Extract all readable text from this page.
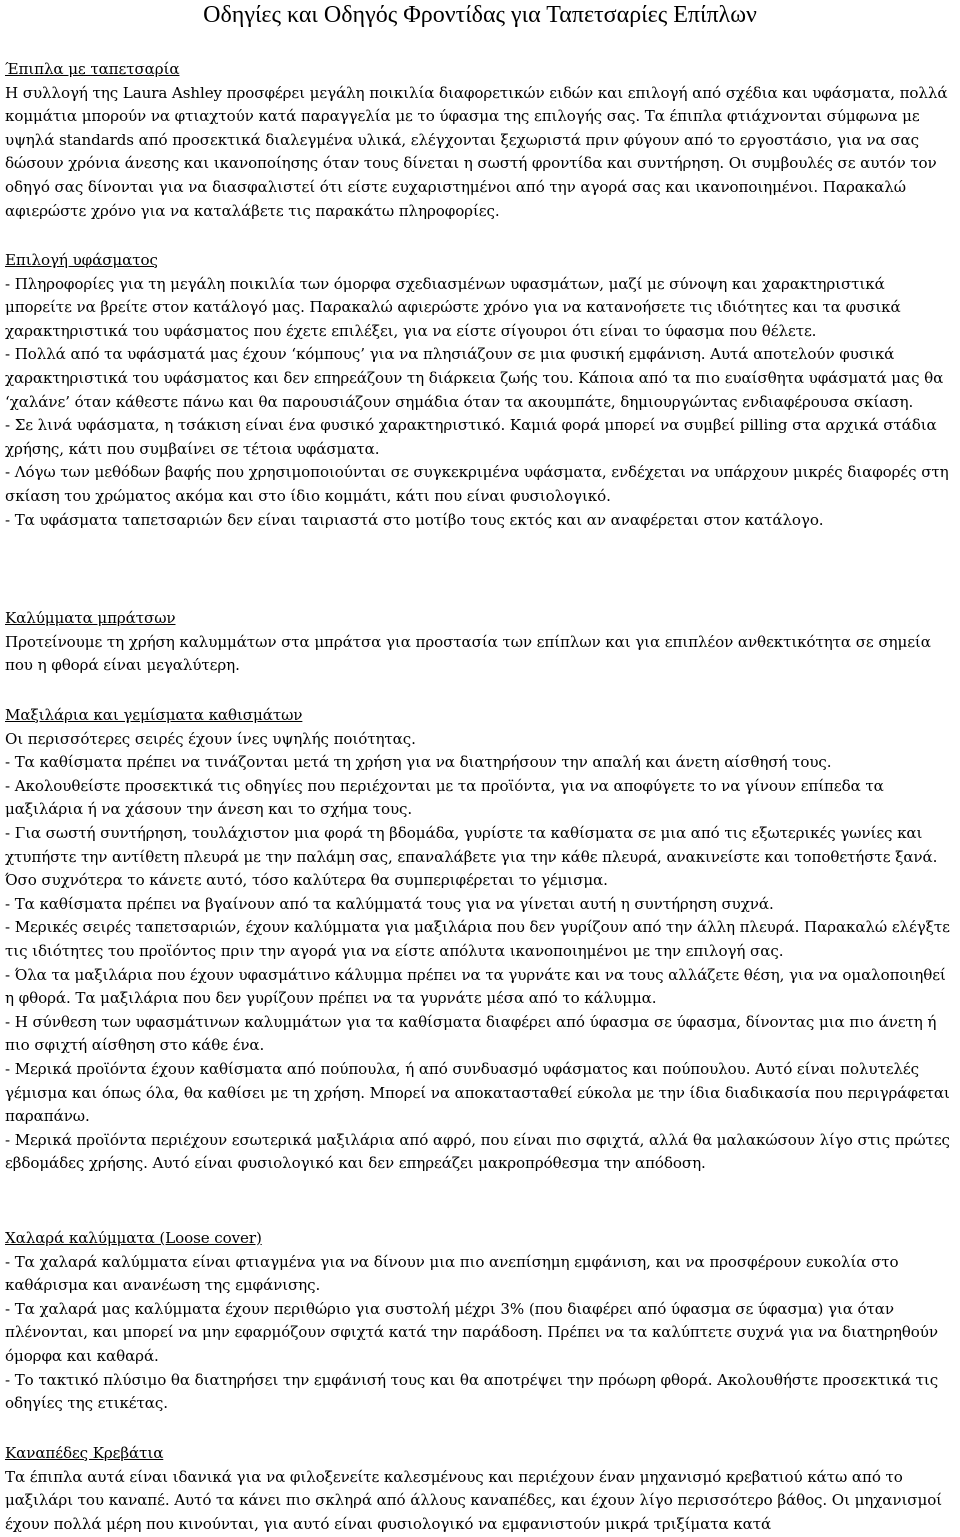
Οδηγίες και Οδηγός Φροντίδας για Ταπετσαρίες Επίπλων
Έπιπλα με ταπετσαρία

Η συλλογή της Laura Ashley προσφέρει μεγάλη ποικιλία διαφορετικών ειδών και επιλογή από σχέδια και υφάσματα, πολλά κομμάτια μπορούν να φτιαχτούν κατά παραγγελία με το ύφασμα της επιλογής σας. Τα έπιπλα φτιάχνονται σύμφωνα με υψηλά standards από προσεκτικά διαλεγμένα υλικά, ελέγχονται ξεχωριστά πριν φύγουν από το εργοστάσιο, για να σας δώσουν χρόνια άνεσης και ικανοποίησης όταν τους δίνεται η σωστή φροντίδα και συντήρηση. Οι συμβουλές σε αυτόν τον οδηγό σας δίνονται για να διασφαλιστεί ότι είστε ευχαριστημένοι από την αγορά σας και ικανοποιημένοι. Παρακαλώ αφιερώστε χρόνο για να καταλάβετε τις παρακάτω πληροφορίες.

Επιλογή υφάσματος

- Πληροφορίες για τη μεγάλη ποικιλία των όμορφα σχεδιασμένων υφασμάτων, μαζί με σύνοψη και χαρακτηριστικά μπορείτε να βρείτε στον κατάλογό μας. Παρακαλώ αφιερώστε χρόνο για να κατανοήσετε τις ιδιότητες και τα φυσικά χαρακτηριστικά του υφάσματος που έχετε επιλέξει, για να είστε σίγουροι ότι είναι το ύφασμα που θέλετε.

- Πολλά από τα υφάσματά μας έχουν ‘κόμπους’ για να πλησιάζουν σε μια φυσική εμφάνιση. Αυτά αποτελούν φυσικά χαρακτηριστικά του υφάσματος και δεν επηρεάζουν τη διάρκεια ζωής του. Κάποια από τα πιο ευαίσθητα υφάσματά μας θα ‘χαλάνε’ όταν κάθεστε πάνω και θα παρουσιάζουν σημάδια όταν τα ακουμπάτε, δημιουργώντας ενδιαφέρουσα σκίαση.

- Σε λινά υφάσματα, η τσάκιση είναι ένα φυσικό χαρακτηριστικό. Καμιά φορά μπορεί να συμβεί pilling στα αρχικά στάδια χρήσης, κάτι που συμβαίνει σε τέτοια υφάσματα.

- Λόγω των μεθόδων βαφής που χρησιμοποιούνται σε συγκεκριμένα υφάσματα, ενδέχεται να υπάρχουν μικρές διαφορές στη σκίαση του χρώματος ακόμα και στο ίδιο κομμάτι, κάτι που είναι φυσιολογικό.

- Τα υφάσματα ταπετσαριών δεν είναι ταιριαστά στο μοτίβο τους εκτός και αν αναφέρεται στον κατάλογο.

Καλύμματα μπράτσων

Προτείνουμε τη χρήση καλυμμάτων στα μπράτσα για προστασία των επίπλων και για επιπλέον ανθεκτικότητα σε σημεία που η φθορά είναι μεγαλύτερη.

Μαξιλάρια και γεμίσματα καθισμάτων

Οι περισσότερες σειρές έχουν ίνες υψηλής ποιότητας.

- Τα καθίσματα πρέπει να τινάζονται μετά τη χρήση για να διατηρήσουν την απαλή και άνετη αίσθησή τους.

- Ακολουθείστε προσεκτικά τις οδηγίες που περιέχονται με τα προϊόντα, για να αποφύγετε το να γίνουν επίπεδα τα μαξιλάρια ή να χάσουν την άνεση και το σχήμα τους.

- Για σωστή συντήρηση, τουλάχιστον μια φορά τη βδομάδα, γυρίστε τα καθίσματα σε μια από τις εξωτερικές γωνίες και χτυπήστε την αντίθετη πλευρά με την παλάμη σας, επαναλάβετε για την κάθε πλευρά, ανακινείστε και τοποθετήστε ξανά. Όσο συχνότερα το κάνετε αυτό, τόσο καλύτερα θα συμπεριφέρεται το γέμισμα.

- Τα καθίσματα πρέπει να βγαίνουν από τα καλύμματά τους για να γίνεται αυτή η συντήρηση συχνά.

- Μερικές σειρές ταπετσαριών, έχουν καλύμματα για μαξιλάρια που δεν γυρίζουν από την άλλη πλευρά. Παρακαλώ ελέγξτε τις ιδιότητες του προϊόντος πριν την αγορά για να είστε απόλυτα ικανοποιημένοι με την επιλογή σας.

- Όλα τα μαξιλάρια που έχουν υφασμάτινο κάλυμμα πρέπει να τα γυρνάτε και να τους αλλάζετε θέση, για να ομαλοποιηθεί η φθορά. Τα μαξιλάρια που δεν γυρίζουν πρέπει να τα γυρνάτε μέσα από το κάλυμμα.

- Η σύνθεση των υφασμάτινων καλυμμάτων για τα καθίσματα διαφέρει από ύφασμα σε ύφασμα, δίνοντας μια πιο άνετη ή πιο σφιχτή αίσθηση στο κάθε ένα.

- Μερικά προϊόντα έχουν καθίσματα από πούπουλα, ή από συνδυασμό υφάσματος και πούπουλου. Αυτό είναι πολυτελές γέμισμα και όπως όλα, θα καθίσει με τη χρήση. Μπορεί να αποκατασταθεί εύκολα με την ίδια διαδικασία που περιγράφεται παραπάνω.

- Μερικά προϊόντα περιέχουν εσωτερικά μαξιλάρια από αφρό, που είναι πιο σφιχτά, αλλά θα μαλακώσουν λίγο στις πρώτες εβδομάδες χρήσης. Αυτό είναι φυσιολογικό και δεν επηρεάζει μακροπρόθεσμα την απόδοση.

Χαλαρά καλύμματα (Loose cover)

- Τα χαλαρά καλύμματα είναι φτιαγμένα για να δίνουν μια πιο ανεπίσημη εμφάνιση, και να προσφέρουν ευκολία στο καθάρισμα και ανανέωση της εμφάνισης.

- Τα χαλαρά μας καλύμματα έχουν περιθώριο για συστολή μέχρι 3% (που διαφέρει από ύφασμα σε ύφασμα) για όταν πλένονται, και μπορεί να μην εφαρμόζουν σφιχτά κατά την παράδοση. Πρέπει να τα καλύπτετε συχνά για να διατηρηθούν όμορφα και καθαρά.

- Το τακτικό πλύσιμο θα διατηρήσει την εμφάνισή τους και θα αποτρέψει την πρόωρη φθορά. Ακολουθήστε προσεκτικά τις οδηγίες της ετικέτας.

Καναπέδες Κρεβάτια

Τα έπιπλα αυτά είναι ιδανικά για να φιλοξενείτε καλεσμένους και περιέχουν έναν μηχανισμό κρεβατιού κάτω από το μαξιλάρι του καναπέ. Αυτό τα κάνει πιο σκληρά από άλλους καναπέδες, και έχουν λίγο περισσότερο βάθος. Οι μηχανισμοί έχουν πολλά μέρη που κινούνται, για αυτό είναι φυσιολογικό να εμφανιστούν μικρά τριξίματα κατά
